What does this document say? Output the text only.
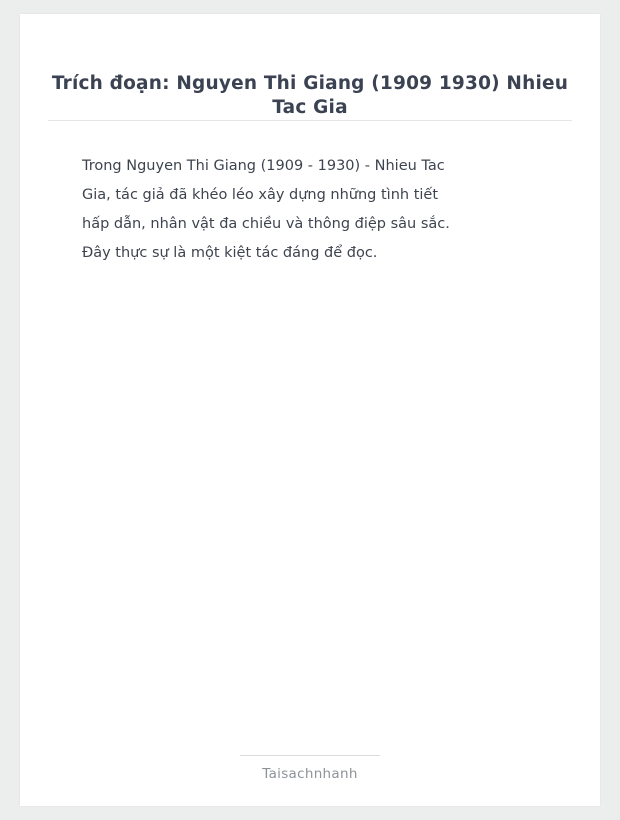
Trích đoạn: Nguyen Thi Giang (1909 1930) Nhieu Tac Gia
Trong Nguyen Thi Giang (1909 - 1930) - Nhieu Tac
Gia, tác giả đã khéo léo xây dựng những tình tiết
hấp dẫn, nhân vật đa chiều và thông điệp sâu sắc.
Đây thực sự là một kiệt tác đáng để đọc.
Taisachnhanh
